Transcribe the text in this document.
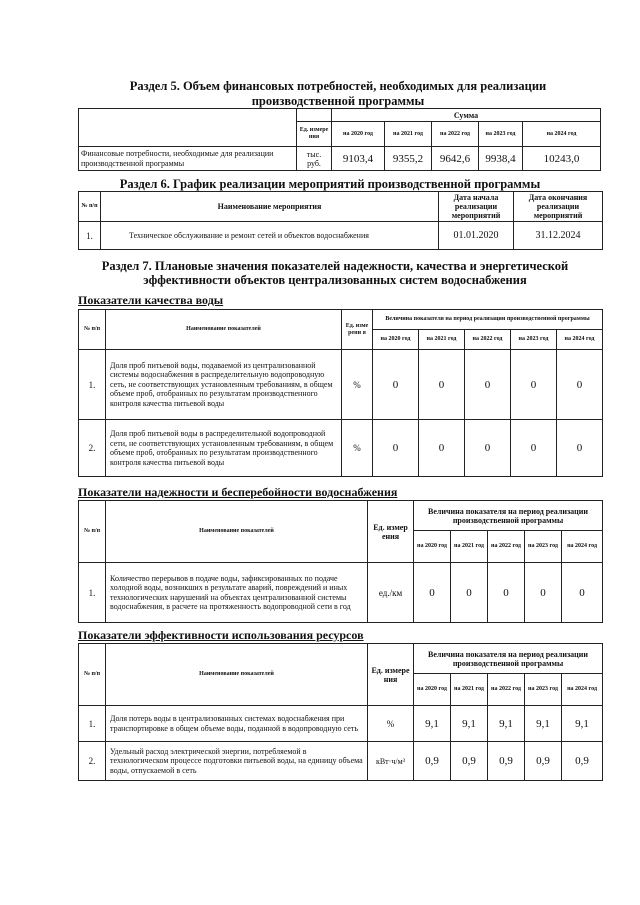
Раздел 5. Объем финансовых потребностей, необходимых для реализации
производственной программы
		Сумма				
	Ед. измере ния	на 2020 год	на 2021 год	на 2022 год	на 2023 год	на 2024 год
Финансовые потребности, необходимые для реализации производственной программы	тыс. руб.	9103,4	9355,2	9642,6	9938,4	10243,0
Раздел 6. График реализации мероприятий производственной программы
№ п/п	Наименование мероприятия	Дата начала реализации мероприятий	Дата окончания реализации мероприятий
1.	Техническое обслуживание и ремонт сетей и объектов водоснабжения	01.01.2020	31.12.2024
Раздел 7. Плановые значения показателей надежности, качества и энергетической
эффективности объектов централизованных систем водоснабжения
Показатели качества воды
№ п/п	Наименование показателей	Ед. изме рени я	Величина показателя на период реализации производственной программы				
			на 2020 год	на 2021 год	на 2022 год	на 2023 год	на 2024 год
1.	Доля проб питьевой воды, подаваемой из централизованной системы водоснабжения в распределительную водопроводную сеть, не соответствующих установленным требованиям, в общем объеме проб, отобранных по результатам производственного контроля качества питьевой воды	%	0	0	0	0	0
2.	Доля проб питьевой воды в распределительной водопроводной сети, не соответствующих установленным требованиям, в общем объеме проб, отобранных по результатам производственного контроля качества питьевой воды	%	0	0	0	0	0
Показатели надежности и бесперебойности водоснабжения
№ п/п	Наименование показателей	Ед. измер ения	Величина показателя на период реализации производственной программы				
			на 2020 год	на 2021 год	на 2022 год	на 2023 год	на 2024 год
1.	Количество перерывов в подаче воды, зафиксированных по подаче холодной воды, возникших в результате аварий, повреждений и иных технологических нарушений на объектах централизованной системы водоснабжения, в расчете на протяженность водопроводной сети в год	ед./км	0	0	0	0	0
Показатели эффективности использования ресурсов
№ п/п	Наименование показателей	Ед. измере ния	Величина показателя на период реализации производственной программы				
			на 2020 год	на 2021 год	на 2022 год	на 2023 год	на 2024 год
1.	Доля потерь воды в централизованных системах водоснабжения при транспортировке в общем объеме воды, поданной в водопроводную сеть	%	9,1	9,1	9,1	9,1	9,1
2.	Удельный расход электрической энергии, потребляемой в технологическом процессе подготовки питьевой воды, на единицу объема воды, отпускаемой в сеть	кВт·ч/м³	0,9	0,9	0,9	0,9	0,9
